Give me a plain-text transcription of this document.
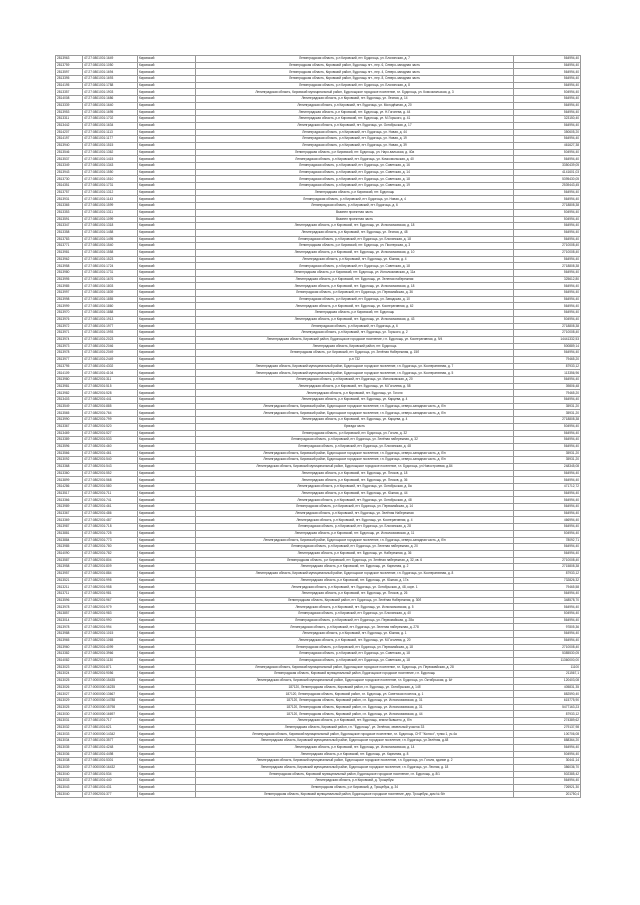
2813963	47:27:0801001:1649	Кировский	Ленинградская область, р-н Кировский, пгт. Будогощь, ул. Блохинская, д. 7	564994,40
2813759	47:27:0801001:1050	Кировский	Ленинградская область, Кировский район, Будогощь пгт., пер. 6, Северо-западная часть	564994,40
2813597	47:27:0801001:1694	Кировский	Ленинградская область, Кировский район, Будогощь пгт., пер. 4, Северо-западная часть	564994,40
2813395	47:27:0801001:1693	Кировский	Ленинградская область, Кировский район, Будогощь пгт., пер. 8, Северо-западная часть	564994,40
2814195	47:27:0801001:1788	Кировский	Ленинградская область, р-н Кировский, пгт. Будогощь, ул. Блохинская, д. 8	564994,40
2813357	47:27:0801001:1903	Кировский	Ленинградская область, Кировский муниципальный район, Будогощское городское поселение, г.п. Будогощь, ул. Комсомольская, д. 3	504994,40
2814008	47:27:0801001:1686	Кировский	Ленинградская область, р-н Кировский, пгт. Будогощь, ул. Лесная, д. 14	564994,40
2813339	47:27:0801001:1640	Кировский	Ленинградская область, р-н Кировский, пгт. Будогощь, ул. Молодёжная, д. 20	564994,40
2813953	47:27:0801001:1695	Кировский	Ленинградская область, р-н Кировский, пгт. Будогощь, ул. Н.Гоголева, д. 44	564994,40
2813311	47:27:0801001:1702	Кировский	Ленинградская область, р-н Кировский, пгт. Будогощь, ул. М.Горького, д. 41	323150,40
2813442	47:27:0801001:1634	Кировский	Ленинградская область, р-н Кировский, пгт. Будогощь, ул. Октябрьская, д. 17	564994,40
2814207	47:27:0801001:1113	Кировский	Ленинградская область, р-н Кировский, пгт. Будогощь, ул. Новая, д. 44	350605,20
2814197	47:27:0801001:1177	Кировский	Ленинградская область, р-н Кировский, пгт. Будогощь, ул. Новая, д. 19	564994,40
2813940	47:27:0801001:1515	Кировский	Ленинградская область, р-н Кировский, пгт. Будогощь, ул. Новая, д. 39	461627,38
2813546	47:27:0801001:1362	Кировский	Ленинградская область, р-н Кировский, пгт. Будогощь, ул. Наро-вальская, д. 40а	504994,40
2813537	47:27:0801001:1415	Кировский	Ленинградская область, р-н Кировский, пгт. Будогощь, ул. Комсомольская, д. 40	564994,40
2813349	47:27:0801001:1343	Кировский	Ленинградская область, р-н Кировский, пгт. Будогощь, ул. Советская, д. 16	3350439,05
2813943	47:27:0801001:1550	Кировский	Ленинградская область, р-н Кировский, пгт. Будогощь, ул. Советская, д. 14	4141601,03
2813730	47:27:0801001:1510	Кировский	Ленинградская область, р-н Кировский, пгт. Будогощь, ул. Советская, д. 18	5395430,05
2814351	47:27:0801001:1731	Кировский	Ленинградская область, р-н Кировский, пгт. Будогощь, ул. Советская, д. 19	2539443,45
2813757	47:27:0801001:1312	Кировский	Ленинградская область, р-н Кировский, пгт. Будогощь	564994,40
2813931	47:27:0801001:1143	Кировский	Ленинградская область, р-н Кировский, пгт. Будогощь, ул. Новая, д. 4	564994,40
2813365	47:27:0801001:1599	Кировский	Ленинградская область, р-н Кировский, пгт. Будогощь, д. 6	2718808,38
2813353	47:27:0801001:1311	Кировский	Вымпел проектная часть	504994,40
2813591	47:27:0801001:1099	Кировский	Вымпел проектная часть	504994,40
2813347	47:27:0801001:1318	Кировский	Ленинградская область, р-н Кировский, пгт. Будогощь, ул. Исполкомовская, д. 18	564994,40
2813358	47:27:0801001:1458	Кировский	Ленинградская область, р-н Кировский, пгт. Будогощь, ул. Лесная, д. 48	564994,40
2813783	47:27:0801001:1495	Кировский	Ленинградская область, р-н Кировский, пгт. Будогощь, ул. Блохинская, д. 18	564994,40
2813771	47:27:0801001:1540	Кировский	Ленинградская область, р-н Кировский, пгт. Будогощь, ул. Пионерская, д. 3	2710008,40
2813981	47:27:0801001:1558	Кировский	Ленинградская область, р-н Кировский, пгт. Будогощь, ул. Исполкомовская, д. 10	2710008,40
2813962	47:27:0801001:1523	Кировский	Ленинградская область, р-н Кировский, пгт. Будогощь, ул. Южная, д. 4	564994,40
2813958	47:27:0801001:1724	Кировский	Ленинградская область, р-н Кировский, пгт. Будогощь, ул. Советская, д. 18	2718808,38
2813980	47:27:0801001:1731	Кировский	Ленинградская область, р-н Кировский, пгт. Будогощь, ул. Исполкомовская, д. 11а	564994,40
2813995	47:27:0801001:1676	Кировский	Ленинградская область, р-н Кировский, пгт. Будогощь, ул. Зеленая набережная	325612,80
2813985	47:27:0801001:1803	Кировский	Ленинградская область, р-н Кировский, пгт. Будогощь, ул. Исполкомовская, д. 18	564994,40
2813997	47:27:0801001:1839	Кировский	Ленинградская область, р-н Кировский, пгт. Будогощь, ул. Первомайская, д. 36	564994,40
2813998	47:27:0801001:1855	Кировский	Ленинградская область, р-н Кировский, пгт. Будогощь, ул. Заводская, д. 10	564994,40
2813999	47:27:0801001:1860	Кировский	Ленинградская область, р-н Кировский, пгт. Будогощь, ул. Кооперативная, д. 62	564994,40
2813970	47:27:0801001:1888	Кировский	Ленинградская область, р-н Кировский, пгт. Будогощь	564994,40
2813976	47:27:0801001:1913	Кировский	Ленинградская область, р-н Кировский, пгт. Будогощь, ул. Исполкомовская, д. 43	504994,40
2813972	47:27:0801001:1977	Кировский	Ленинградская область, р-н Кировский, пгт. Будогощь, д. 6	2718808,38
2813971	47:27:0801001:1993	Кировский	Ленинградская область, р-н Кировский, пгт. Будогощь, ул. Горького, д. 2	2710008,40
2813974	47:27:0801001:2023	Кировский	Ленинградская область, Кировский район, Будогощское городское поселение, г.п. Будогощь, ул. Кооперативная, д. 9/4	14441332,53
2813973	47:27:0801001:2046	Кировский	Ленинградская область, Кировский район, пгт. Будогощь	500889,14
2813978	47:27:0801001:2049	Кировский	Ленинградская область, р-н Кировский, пгт. Будогощь, ул. Зелёная Набережная, д. 15б	564994,40
2813977	47:27:0801001:2449	Кировский	р-н 732	79465,20
2813795	47:27:0801001:4302	Кировский	Ленинградская область, Кировский муниципальный район, Будогощское городское поселение, г.п. Будогощь, ул. Кооперативная, д. 7	87933,12
2814109	47:27:0801001:4104	Кировский	Ленинградская область, Кировский муниципальный район, Будогощское городское поселение, г.п. Будогощь, ул. Кооперативная, д. 5	113356,96
2813980	47:27:0802001:311	Кировский	Ленинградская область, р-н Кировский, пгт. Будогощь, ул. Исполкомская, д. 20	564994,40
2813981	47:27:0802001:515	Кировский	Ленинградская область, р-н Кировский, пгт. Будогощь, ул. М.Гоголева, д. 58	39806,48
2813982	47:27:0802001:528	Кировский	Ленинградская область, р-н Кировский, пгт. Будогощь, ул. Гоголя	79465,20
2813403	47:27:0802001:441	Кировский	Ленинградская область, р-н Кировский, пгт. Будогощь, ул. Карцева, д. 4	564994,40
2813549	47:27:0802001:885	Кировский	Ленинградская область, Кировский район, Будогощское городское поселение, г.п. Будогощь, северо-западная часть, д. б/н	35931,20
2813565	47:27:0802001:764	Кировский	Ленинградская область, Кировский район, Будогощское городское поселение, г.п. Будогощь, северо-западная часть, д. б/н	35931,20
2813990	47:27:0802001:799	Кировский	Ленинградская область, р-н Кировский, пгт. Будогощь, ул. Карцева, д. 4	2718808,38
2813367	47:27:0802001:520	Кировский	бригада часть	504994,40
2813469	47:27:0802001:527	Кировский	Ленинградская область, р-н Кировский, пгт. Будогощь, ул. Гоголя, д. 32	564994,40
2813389	47:27:0802001:533	Кировский	Ленинградская область, р-н Кировский, пгт. Будогощь, ул. Зелёная набережная, д. 32	564994,40
2813596	47:27:0802001:460	Кировский	Ленинградская область, р-н Кировский, пгт. Будогощь, ул. Блохинская, д. 48	564994,40
2813566	47:27:0802001:461	Кировский	Ленинградская область, Кировский район, Будогощское городское поселение, г.п. Будогощь, северо-западная часть, д. б/н	35931,20
2813092	47:27:0802001:540	Кировский	Ленинградская область, Кировский район, Будогощское городское поселение, г.п. Будогощь, северо-западная часть, д. б/н	35931,20
2813368	47:27:0802001:543	Кировский	Ленинградская область, Кировский муниципальный район, Будогощское городское поселение, г.п. Будогощь, ул.Новостроевая, д.84	248345,08
2813360	47:27:0802001:552	Кировский	Ленинградская область, р-н Кировский, пгт. Будогощь, ул. Песков, д. 18	564994,40
2813899	47:27:0802001:568	Кировский	Ленинградская область, р-н Кировский, пгт. Будогощь, ул. Песков, д. 36	564994,40
2814286	47:27:0802001:580	Кировский	Ленинградская область, р-н Кировский, пгт. Будогощь, ул. Октябрьская, д. 8а	471712,72
2813517	47:27:0802001:711	Кировский	Ленинградская область, р-н Кировский, пгт. Будогощь, ул. Южная, д. 44	564994,40
2813366	47:27:0802001:741	Кировский	Ленинградская область, р-н Кировский, пгт. Будогощь, ул. Октябрьская, д. 48	564994,40
2813989	47:27:0802001:461	Кировский	Ленинградская область, р-н Кировский, пгт. Будогощь, ул. Первомайская, д. 14	564994,40
2813367	47:27:0802001:486	Кировский	Ленинградская область, р-н Кировский, пгт. Будогощь, ул. Зелёная Набережная	564994,40
2813369	47:27:0802001:487	Кировский	Ленинградская область, р-н Кировский, пгт. Будогощь, ул. Кооперативная, д. 4	466994,40
2813987	47:27:0802001:718	Кировский	Ленинградская область, р-н Кировский, пгт. Будогощь, ул. Блохинская, д. 28	564994,40
2813881	47:27:0802001:725	Кировский	Ленинградская область, р-н Кировский, пгт. Будогощь, ул. Исполкомовская, д. 11	504994,40
2813884	47:27:0802001:773	Кировский	Ленинградская область, Кировский район, Будогощское городское поселение, г.п. Будогощь, северо-западная часть, д. б/н	78092,71
2813985	47:27:0802001:780	Кировский	Ленинградская область, р-н Кировский, пгт. Будогощь, ул. Зеленая набережная, д. 20	564994,40
2814090	47:27:0802001:782	Кировский	Ленинградская область, р-н Кировский, пгт. Будогощь, ул. Набережная, д. 36	564994,40
2813587	47:27:0802001:804	Кировский	Ленинградская область, р-н Кировский, пгт. Будогощь, ул. Зелёная набережная, д. 32, кв. 6	2710008,40
2813958	47:27:0802001:809	Кировский	Ленинградская область, р-н Кировский, пгт. Будогощь, ул. Карпиная, д. 2	2715808,38
2813957	47:27:0802001:884	Кировский	Ленинградская область, Кировский муниципальный район, Будогощское городское поселение, г.п. Будогощь, ул. Кооперативная, д. 8	87933,12
2813521	47:27:0802001:995	Кировский	Ленинградская область, р-н Кировский, пгт. Будогощь, ул. Южная, д. 17а	732826,32
2813211	47:27:0802001:958	Кировский	Ленинградская область, р-н Кировский, пгт. Будогощь, ул. Октябрьская, д. 48, корп. 1	79465,58
2813711	47:27:0802001:981	Кировский	Ленинградская область, р-н Кировский, пгт. Будогощь, ул. Песков, д. 26	564994,40
2813596	47:27:0802001:967	Кировский	Ленинградская область, Кировский район, пгт. Будогощь, ул. Зелёная Набережная, д. 30б	348578,70
2813978	47:27:0802001:979	Кировский	Ленинградская область, р-н Кировский, пгт. Будогощь, ул. Исполкомовская, д. 5	564994,40
2813857	47:27:0802001:983	Кировский	Ленинградская область, р-н Кировский, пгт. Будогощь, ул. Блохинская, д. 40	504994,40
2813014	47:27:0802001:990	Кировский	Ленинградская область, р-н Кировский, пгт. Будогощь, ул. Первомайская, д. 28а	564994,40
2813978	47:27:0802001:994	Кировский	Ленинградская область, р-н Кировский, пгт. Будогощь, ул. Зеленая набережная, д. 278	97805,36
2813988	47:27:0802001:1015	Кировский	Ленинградская область, р-н Кировский, пгт. Будогощь, ул. Южная, д. 1	564994,40
2813965	47:27:0802001:1065	Кировский	Ленинградская область, р-н Кировский, пгт. Будогощь, ул. М.Гоголева, д. 20	564994,40
2813960	47:27:0802001:4099	Кировский	Ленинградская область, р-н Кировский, пгт. Будогощь, ул. Первомайская, д. 18	2710008,40
2813382	47:27:0802001:3966	Кировский	Ленинградская область, р-н Кировский, пгт. Будогощь, ул. Советская, д. 18	5385530,05
2814082	47:27:0802001:1130	Кировский	Ленинградская область, р-н Кировский, пгт. Будогощь, ул. Советская, д. 18	11360000,00
2813023	47:27:0802001:871	Кировский	Ленинградская область, Кировский муниципальный район, Будогощское городское поселение, г.п. Будогощь, ул. Первомайская, д. 28	11100
2813024	47:27:0802001:9056	Кировский	Ленинградская область, Кировский муниципальный район, Будогощское городское поселение, г.п. Будогощь	211567,1
2813025	47:27:0000000:15435	Кировский	Ленинградская область, Кировский муниципальный район, Будогощское городское поселение, г.п. Будогощь, ул. Октябрьская, д. 6/г	120403,08
2813026	47:27:0000000:16235	Кировский	187120, Ленинградская область, Кировский район, г.п. Будогощь, ул. Октябрьская, д. 14б	405831,35
2813027	47:27:0000000:13667	Кировский	187120, Ленинградская область, Кировский район, г.п. Будогощь, ул. Советская поселок, д. 1	882590,40
2813029	47:27:0000000:14788	Кировский	187120, Ленинградская область, Кировский район, г.п. Будогощь, ул. Исполкомовская, д. 31	615775,90
2813025	47:27:0000000:15798	Кировский	187120, Ленинградская область, Кировский район, г.п. Будогощь, ул. Исполкомовская, д. 31	5477163,23
2813030	47:27:0000000:16697	Кировский	187120, Ленинградская область, Кировский район, г.п. Будогощь, ул. Исполкомовская, д. 44	87933,12
2813031	47:27:0801001:717	Кировский	Ленинградская область, р-н Кировский, пгт. Будогощь, земли бывшего, д. б/н	274389,62
2813032	47:27:0801001:621	Кировский	Ленинградская область, Кировский район, г.п. "Будогощь", ул. Зелёная, земельный участок 33	279137,98
2813033	47:27:0000000:14342	Кировский	Ленинградская область, Кировский муниципальный район, Будогощское городское поселение, г.п. Будогощь, СНТ "Колхоз", тупик 1, уч.4а	100706,08
2813034	47:27:0801001:3577	Кировский	Ленинградская область, Кировский муниципальный район, Будогощское городское поселение, г.п. Будогощь, ул.Зелёная, д.48	888364,20
2813035	47:27:0801001:4248	Кировский	Ленинградская область, р-н Кировский, пгт. Будогощь, ул. Исполкомовская, д. 14	564994,40
2813036	47:27:0801001:4498	Кировский	Ленинградская область, р-н Кировский, пгт. Будогощь, ул. Карпиная, д. 8	504994,40
2813038	47:27:0801001:5301	Кировский	Ленинградская область, Кировский муниципальный район, Будогощское городское поселение, г.п. Будогощь, ул. Гоголя, здание д. 2	30441,14
2813039	47:27:0000000:16432	Кировский	Ленинградская область, Кировский муниципальный район, Будогощское городское поселение, г.п. Будогощь, ул. Лесная, д. 18	386036,70
2813040	47:27:0801001:534	Кировский	Ленинградская область, Кировский муниципальный район, Будогощское городское поселение, г.п. Будогощь, д. 8/1	502385,42
2813033	47:27:0801001:440	Кировский	Ленинградская область, р-н Кировский, д. Трощебуж	564994,40
2813043	47:27:0801001:431	Кировский	Ленинградская область, р-н Кировский, д. Трощебуж, д. 34	726921,30
2813040	47:27:0902001:377	Кировский	Ленинградская область, Кировский муниципальный район, Будогощское городское поселение, дер. Трощебуж, дом № б/н	201750,4
